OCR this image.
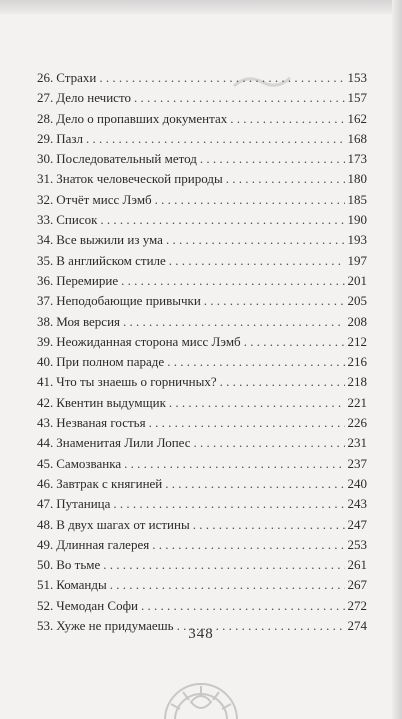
26. Страхи . . .	153
27. Дело нечисто . . .	157
28. Дело о пропавших документах . . .	162
29. Пазл . . .	168
30. Последовательный метод . . .	173
31. Знаток человеческой природы . . .	180
32. Отчёт мисс Лэмб . . .	185
33. Список . . .	190
34. Все выжили из ума . . .	193
35. В английском стиле . . .	197
36. Перемирие . . .	201
37. Неподобающие привычки . . .	205
38. Моя версия . . .	208
39. Неожиданная сторона мисс Лэмб . . .	212
40. При полном параде . . .	216
41. Что ты знаешь о горничных? . . .	218
42. Квентин выдумщик . . .	221
43. Незваная гостья . . .	226
44. Знаменитая Лили Лопес . . .	231
45. Самозванка . . .	237
46. Завтрак с княгиней . . .	240
47. Путаница . . .	243
48. В двух шагах от истины . . .	247
49. Длинная галерея . . .	253
50. Во тьме . . .	261
51. Команды . . .	267
52. Чемодан Софи . . .	272
53. Хуже не придумаешь . . .	274
348
